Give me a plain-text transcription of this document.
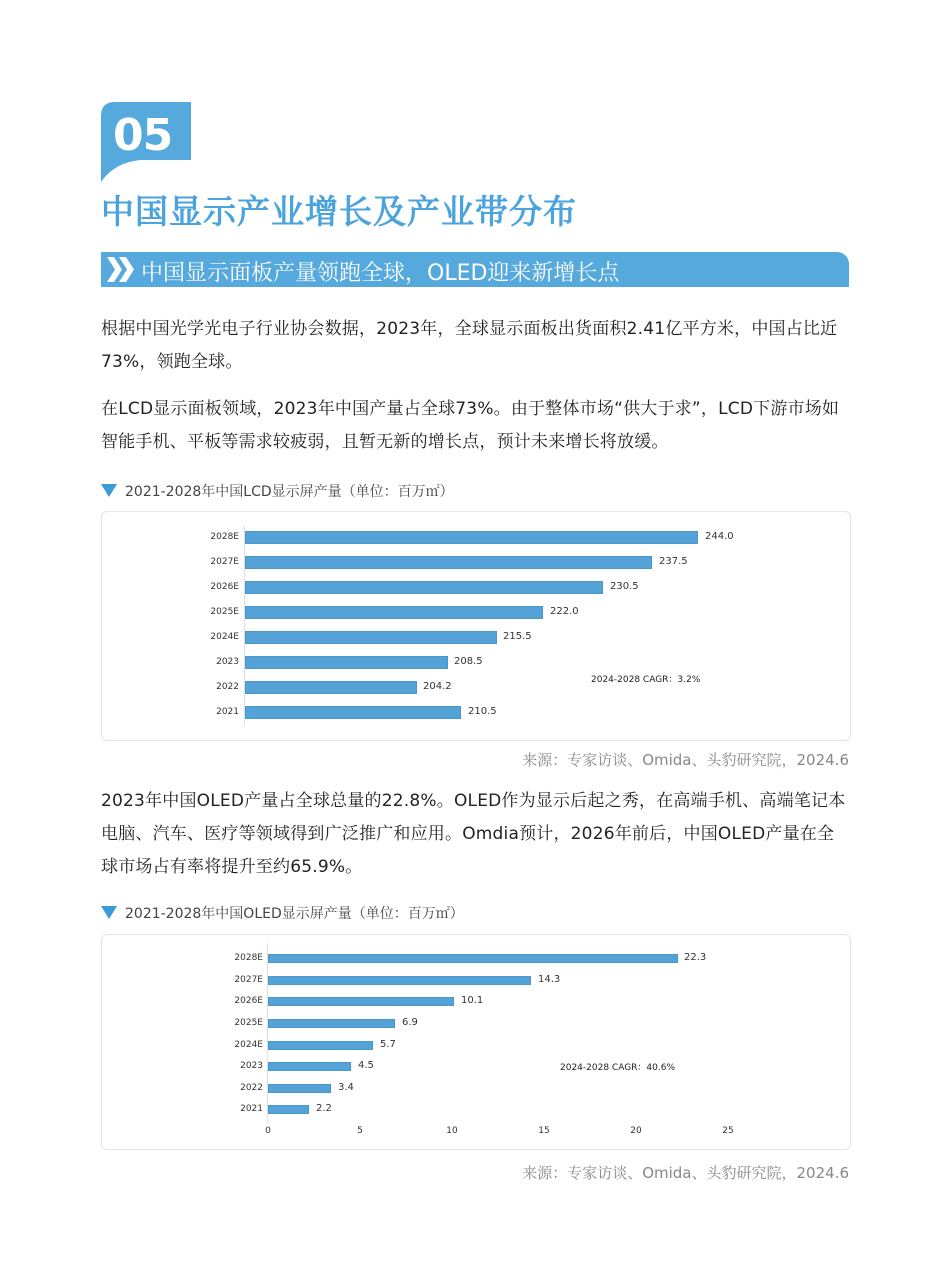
05
中国显示产业增长及产业带分布
中国显示面板产量领跑全球，OLED迎来新增长点
根据中国光学光电子行业协会数据，2023年，全球显示面板出货面积2.41亿平方米，中国占比近73%，领跑全球。
在LCD显示面板领域，2023年中国产量占全球73%。由于整体市场“供大于求”，LCD下游市场如智能手机、平板等需求较疲弱，且暂无新的增长点，预计未来增长将放缓。
2021-2028年中国LCD显示屏产量（单位：百万㎡）
2028E	244.0
2027E	237.5
2026E	230.5
2025E	222.0
2024E	215.5
2023	208.5
2022	204.2
2021	210.5
2024-2028 CAGR：3.2%
来源：专家访谈、Omida、头豹研究院，2024.6
2023年中国OLED产量占全球总量的22.8%。OLED作为显示后起之秀，在高端手机、高端笔记本电脑、汽车、医疗等领域得到广泛推广和应用。Omdia预计，2026年前后，中国OLED产量在全球市场占有率将提升至约65.9%。
2021-2028年中国OLED显示屏产量（单位：百万㎡）
2028E	22.3
2027E	14.3
2026E	10.1
2025E	6.9
2024E	5.7
2023	4.5
2022	3.4
2021	2.2
0	5	10	15	20	25
2024-2028 CAGR：40.6%
来源：专家访谈、Omida、头豹研究院，2024.6
